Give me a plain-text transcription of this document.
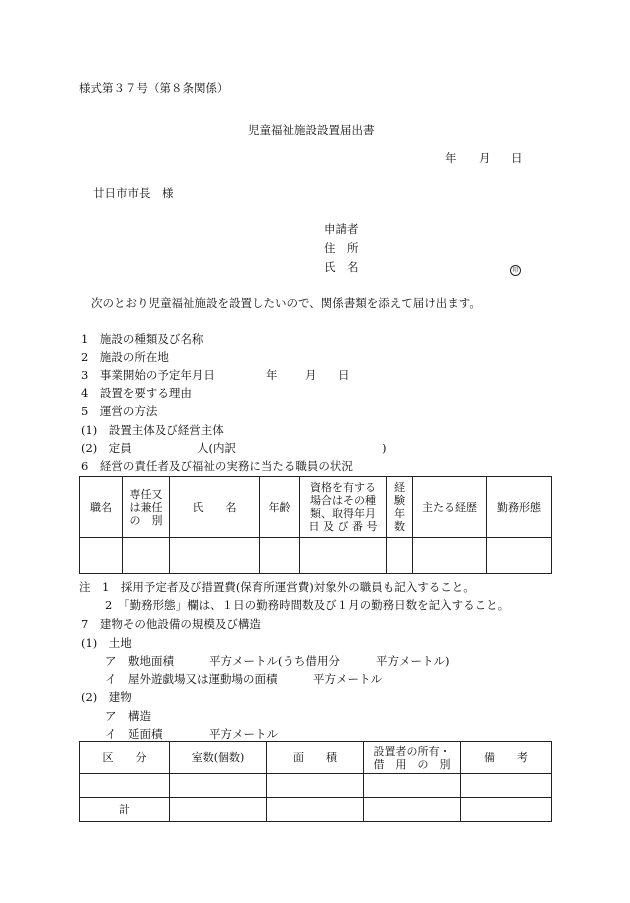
様式第３７号（第８条関係）
児童福祉施設設置届出書
年 月 日
廿日市市長　様
申請者
住　所
氏　名	印
次のとおり児童福祉施設を設置したいので、関係書類を添えて届け出ます。
1　施設の種類及び名称
2　施設の所在地
3　事業開始の予定年月日	年 月 日
4　設置を要する理由
5　運営の方法
(1)　設置主体及び経営主体
(2)　定員	人(内訳	)
6　経営の責任者及び福祉の実務に当たる職員の状況
職名	専任又
は兼任
の　別	氏　　名	年齢	資格を有する
場合はその種
類、取得年月
日 及 び 番 号	経
験
年
数	主たる経歴	勤務形態

注　1　採用予定者及び措置費(保育所運営費)対象外の職員も記入すること。
2　「勤務形態」欄は、１日の勤務時間数及び１月の勤務日数を記入すること。
7　建物その他設備の規模及び構造
(1)　土地
ア　敷地面積	平方メートル(うち借用分	平方メートル)
イ　屋外遊戯場又は運動場の面積	平方メートル
(2)　建物
ア　構造
イ　延面積	平方メートル
区　　分	室数(個数)	面　　積	設置者の所有・
借　用　の　別	備　　考

計				
